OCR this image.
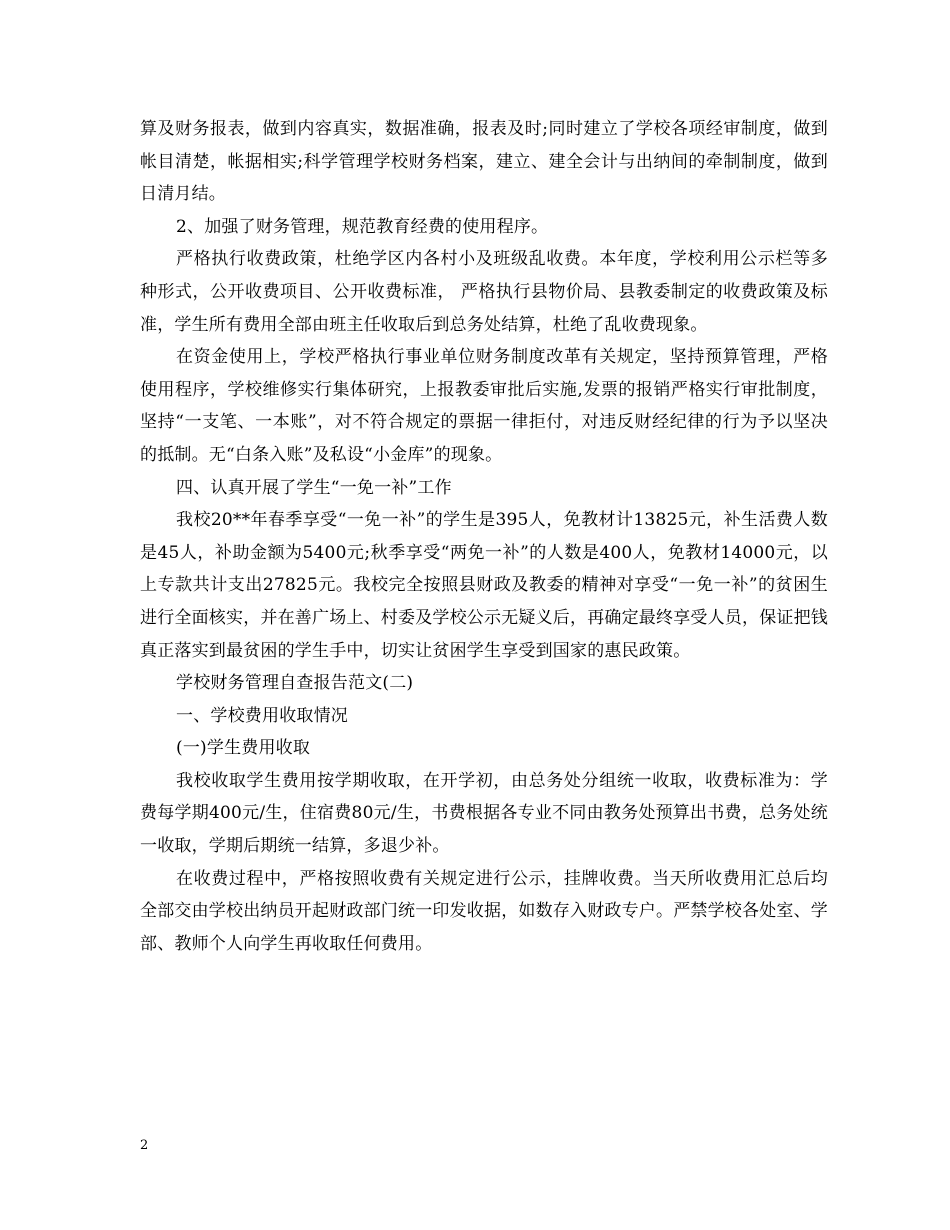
算及财务报表，做到内容真实，数据准确，报表及时;同时建立了学校各项经审制度，做到帐目清楚，帐据相实;科学管理学校财务档案，建立、建全会计与出纳间的牵制制度，做到日清月结。

2、加强了财务管理，规范教育经费的使用程序。

严格执行收费政策，杜绝学区内各村小及班级乱收费。本年度，学校利用公示栏等多种形式，公开收费项目、公开收费标准， 严格执行县物价局、县教委制定的收费政策及标准，学生所有费用全部由班主任收取后到总务处结算，杜绝了乱收费现象。

在资金使用上，学校严格执行事业单位财务制度改革有关规定，坚持预算管理，严格使用程序，学校维修实行集体研究，上报教委审批后实施,发票的报销严格实行审批制度，坚持“一支笔、一本账”，对不符合规定的票据一律拒付，对违反财经纪律的行为予以坚决的抵制。无“白条入账”及私设“小金库”的现象。

四、认真开展了学生“一免一补”工作

我校20**年春季享受“一免一补”的学生是395人，免教材计13825元，补生活费人数是45人，补助金额为5400元;秋季享受“两免一补”的人数是400人，免教材14000元，以上专款共计支出27825元。我校完全按照县财政及教委的精神对享受“一免一补”的贫困生进行全面核实，并在善广场上、村委及学校公示无疑义后，再确定最终享受人员，保证把钱真正落实到最贫困的学生手中，切实让贫困学生享受到国家的惠民政策。

学校财务管理自查报告范文(二)

一、学校费用收取情况

(一)学生费用收取

我校收取学生费用按学期收取，在开学初，由总务处分组统一收取，收费标准为：学费每学期400元/生，住宿费80元/生，书费根据各专业不同由教务处预算出书费，总务处统一收取，学期后期统一结算，多退少补。

在收费过程中，严格按照收费有关规定进行公示，挂牌收费。当天所收费用汇总后均全部交由学校出纳员开起财政部门统一印发收据，如数存入财政专户。严禁学校各处室、学部、教师个人向学生再收取任何费用。

2
